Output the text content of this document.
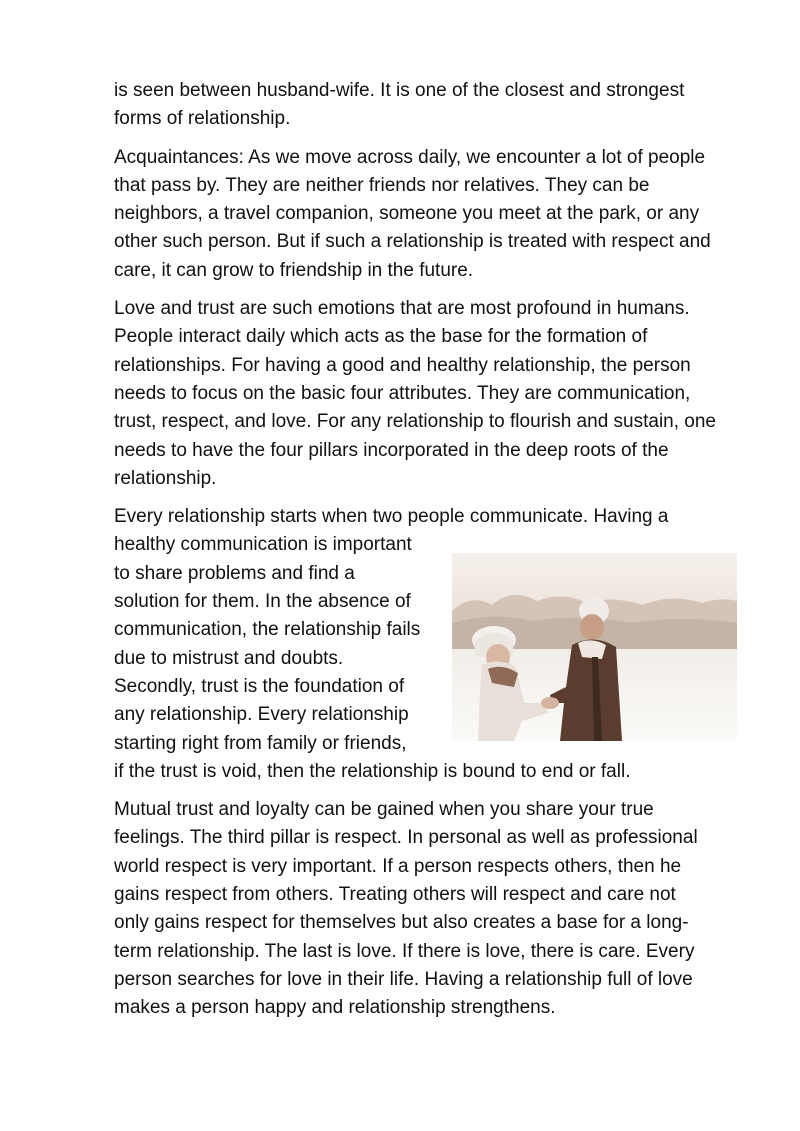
is seen between husband-wife. It is one of the closest and strongest
forms of relationship.

Acquaintances: As we move across daily, we encounter a lot of people
that pass by. They are neither friends nor relatives. They can be
neighbors, a travel companion, someone you meet at the park, or any
other such person. But if such a relationship is treated with respect and
care, it can grow to friendship in the future.

Love and trust are such emotions that are most profound in humans.
People interact daily which acts as the base for the formation of
relationships. For having a good and healthy relationship, the person
needs to focus on the basic four attributes. They are communication,
trust, respect, and love. For any relationship to flourish and sustain, one
needs to have the four pillars incorporated in the deep roots of the
relationship.

Every relationship starts when two people communicate. Having a
healthy communication is important
to share problems and find a
solution for them. In the absence of
communication, the relationship fails
due to mistrust and doubts.
Secondly, trust is the foundation of
any relationship. Every relationship
starting right from family or friends,
if the trust is void, then the relationship is bound to end or fall.

Mutual trust and loyalty can be gained when you share your true
feelings. The third pillar is respect. In personal as well as professional
world respect is very important. If a person respects others, then he
gains respect from others. Treating others will respect and care not
only gains respect for themselves but also creates a base for a long-
term relationship. The last is love. If there is love, there is care. Every
person searches for love in their life. Having a relationship full of love
makes a person happy and relationship strengthens.
